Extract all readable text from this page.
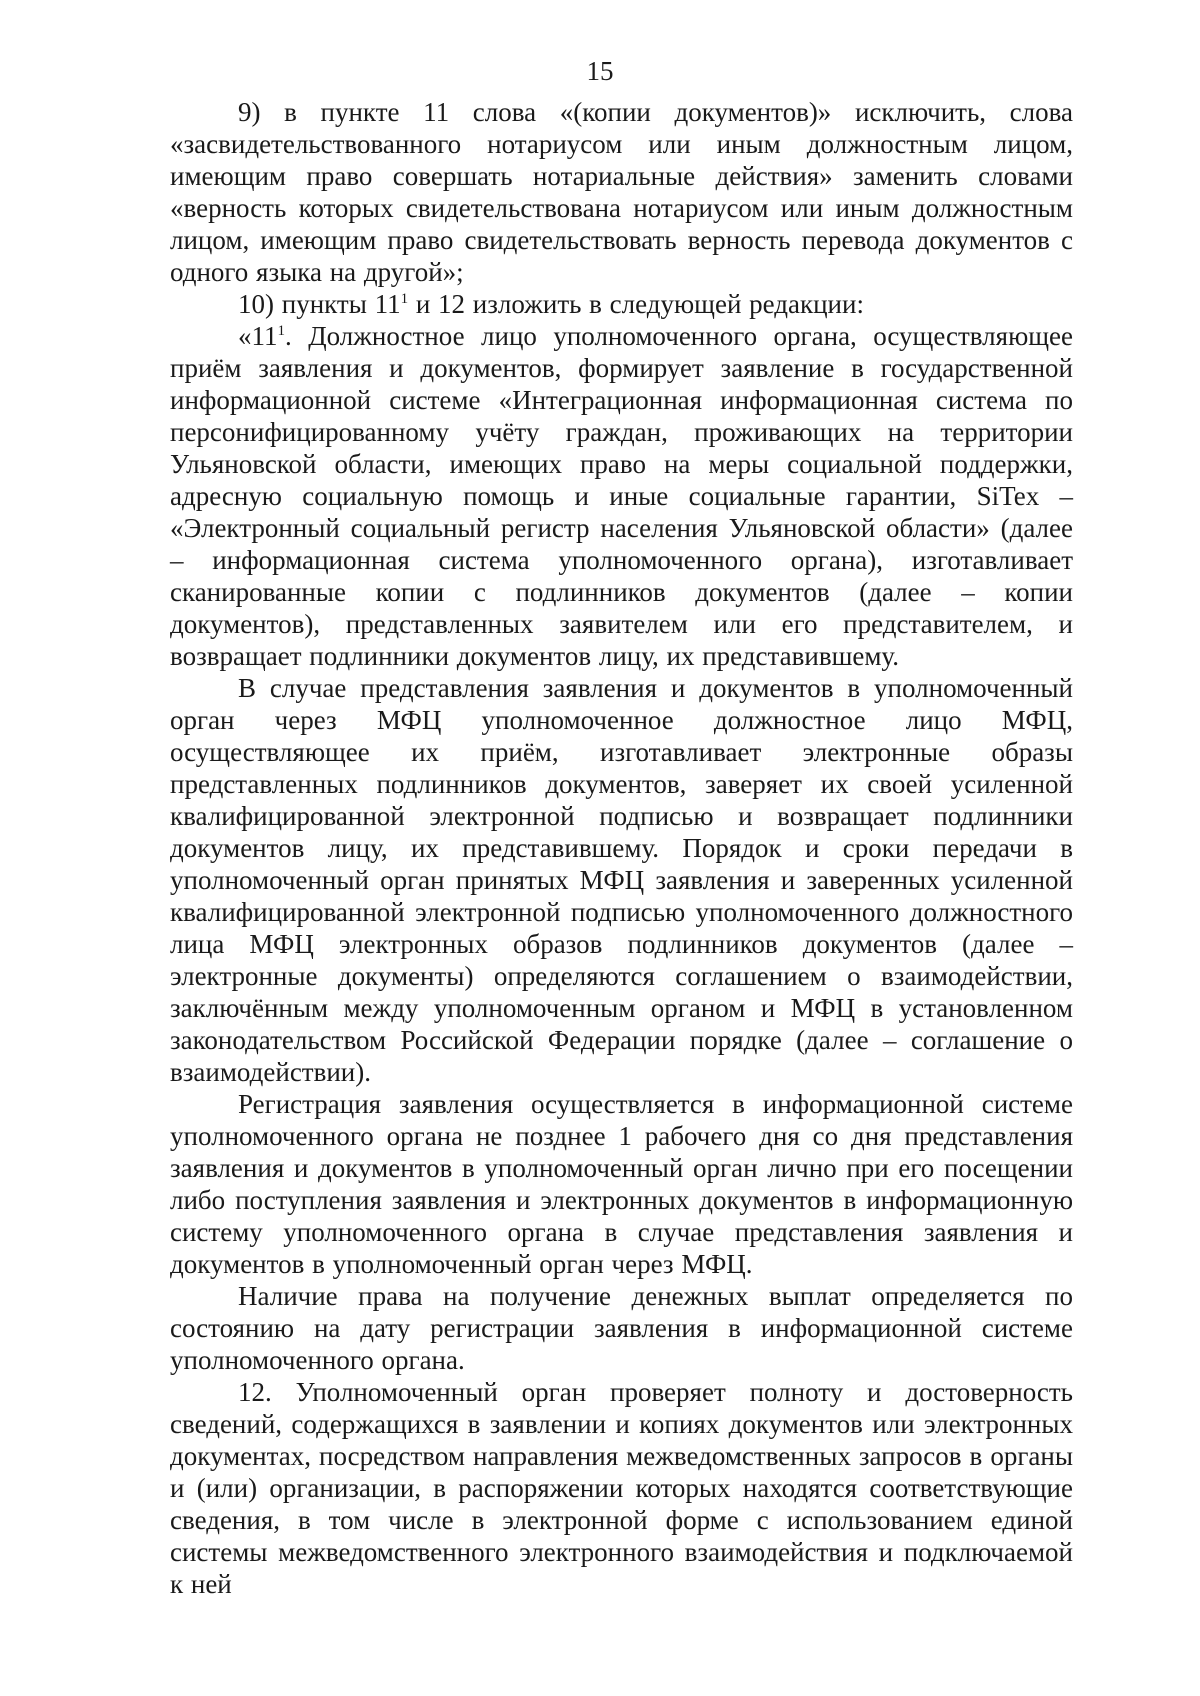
15

9) в пункте 11 слова «(копии документов)» исключить, слова «засвидетельствованного нотариусом или иным должностным лицом, имеющим право совершать нотариальные действия» заменить словами «верность которых свидетельствована нотариусом или иным должностным лицом, имеющим право свидетельствовать верность перевода документов с одного языка на другой»;

10) пункты $11^1$ и 12 изложить в следующей редакции:

«$11^1$. Должностное лицо уполномоченного органа, осуществляющее приём заявления и документов, формирует заявление в государственной информационной системе «Интеграционная информационная система по персонифицированному учёту граждан, проживающих на территории Ульяновской области, имеющих право на меры социальной поддержки, адресную социальную помощь и иные социальные гарантии, SiTex – «Электронный социальный регистр населения Ульяновской области» (далее – информационная система уполномоченного органа), изготавливает сканированные копии с подлинников документов (далее – копии документов), представленных заявителем или его представителем, и возвращает подлинники документов лицу, их представившему.

В случае представления заявления и документов в уполномоченный орган через МФЦ уполномоченное должностное лицо МФЦ, осуществляющее их приём, изготавливает электронные образы представленных подлинников документов, заверяет их своей усиленной квалифицированной электронной подписью и возвращает подлинники документов лицу, их представившему. Порядок и сроки передачи в уполномоченный орган принятых МФЦ заявления и заверенных усиленной квалифицированной электронной подписью уполномоченного должностного лица МФЦ электронных образов подлинников документов (далее – электронные документы) определяются соглашением о взаимодействии, заключённым между уполномоченным органом и МФЦ в установленном законодательством Российской Федерации порядке (далее – соглашение о взаимодействии).

Регистрация заявления осуществляется в информационной системе уполномоченного органа не позднее 1 рабочего дня со дня представления заявления и документов в уполномоченный орган лично при его посещении либо поступления заявления и электронных документов в информационную систему уполномоченного органа в случае представления заявления и документов в уполномоченный орган через МФЦ.

Наличие права на получение денежных выплат определяется по состоянию на дату регистрации заявления в информационной системе уполномоченного органа.

12. Уполномоченный орган проверяет полноту и достоверность сведений, содержащихся в заявлении и копиях документов или электронных документах, посредством направления межведомственных запросов в органы и (или) организации, в распоряжении которых находятся соответствующие сведения, в том числе в электронной форме с использованием единой системы межведомственного электронного взаимодействия и подключаемой к ней
